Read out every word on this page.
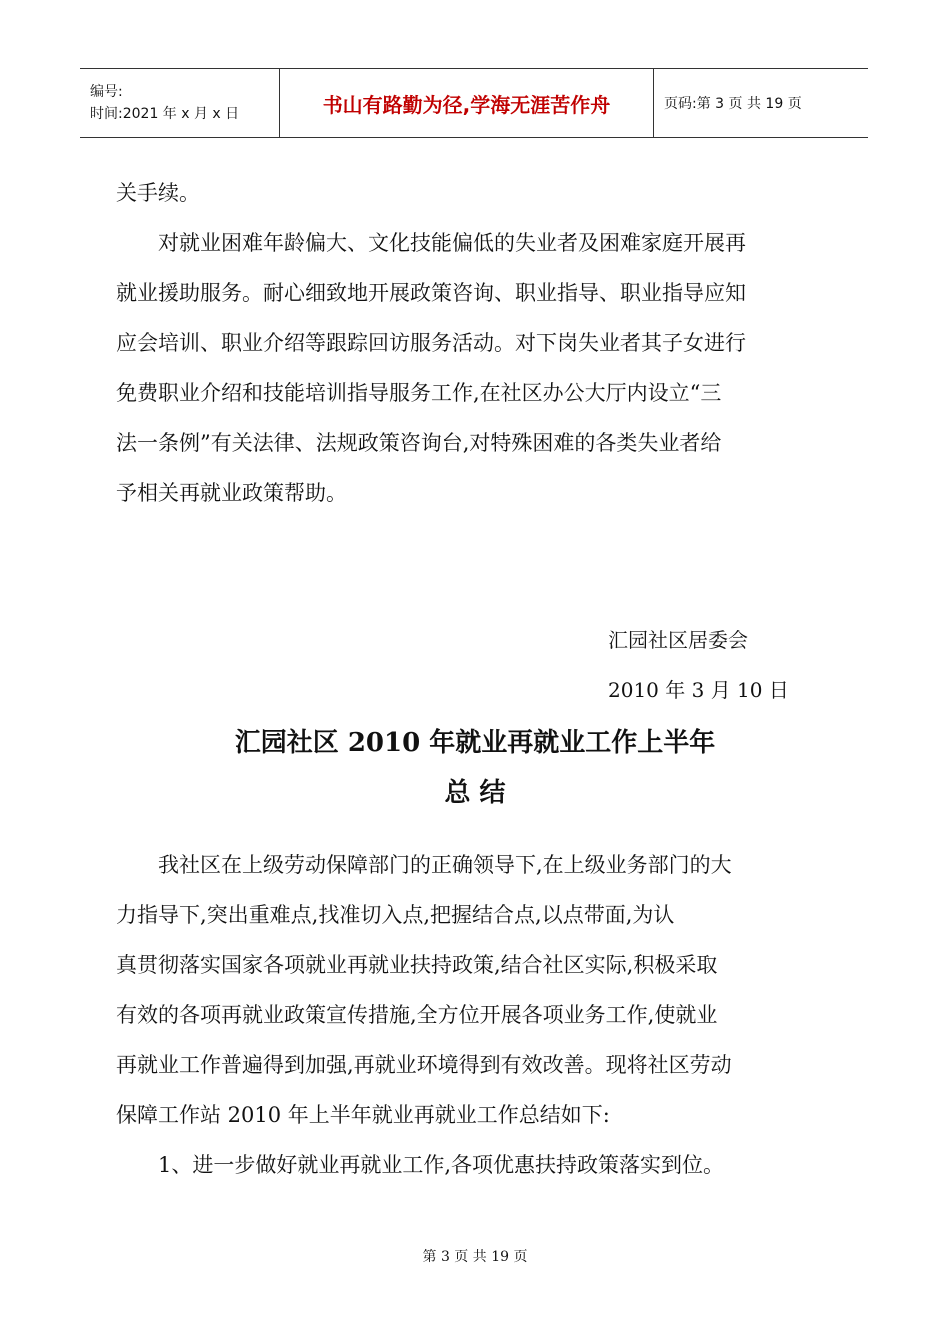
编号:
时间:2021 年 x 月 x 日	书山有路勤为径,学海无涯苦作舟	页码:第 3 页 共 19 页
关手续。
对就业困难年龄偏大、文化技能偏低的失业者及困难家庭开展再
就业援助服务。耐心细致地开展政策咨询、职业指导、职业指导应知
应会培训、职业介绍等跟踪回访服务活动。对下岗失业者其子女进行
免费职业介绍和技能培训指导服务工作,在社区办公大厅内设立“三
法一条例”有关法律、法规政策咨询台,对特殊困难的各类失业者给
予相关再就业政策帮助。
汇园社区居委会
2010 年 3 月 10 日
汇园社区 2010 年就业再就业工作上半年
总 结
我社区在上级劳动保障部门的正确领导下,在上级业务部门的大
力指导下,突出重难点,找准切入点,把握结合点,以点带面,为认
真贯彻落实国家各项就业再就业扶持政策,结合社区实际,积极采取
有效的各项再就业政策宣传措施,全方位开展各项业务工作,使就业
再就业工作普遍得到加强,再就业环境得到有效改善。现将社区劳动
保障工作站 2010 年上半年就业再就业工作总结如下:
1、进一步做好就业再就业工作,各项优惠扶持政策落实到位。
第 3 页 共 19 页
